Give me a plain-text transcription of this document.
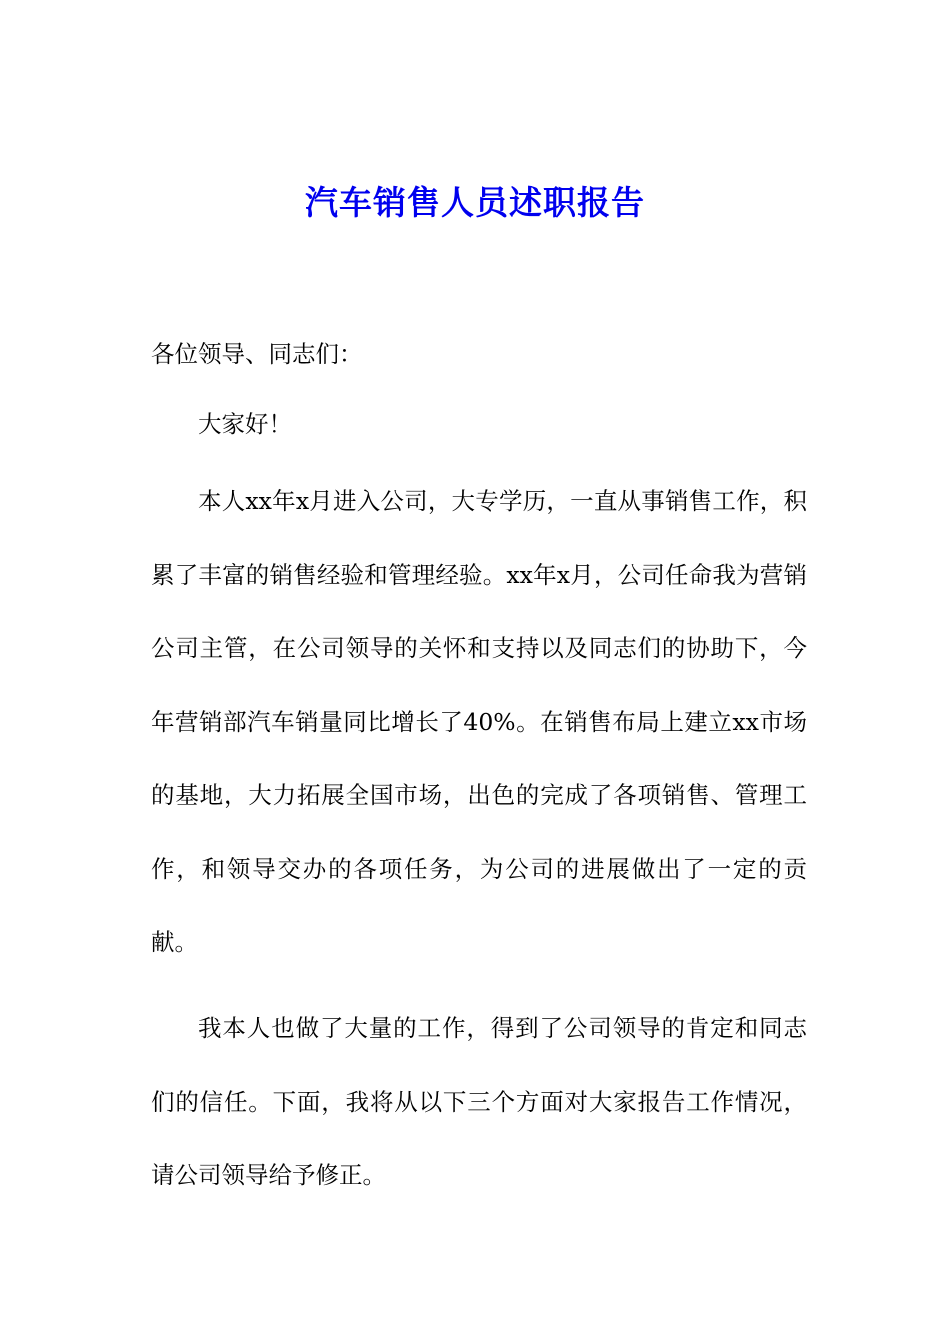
汽车销售人员述职报告

各位领导、同志们：

大家好！

本人xx年x月进入公司，大专学历，一直从事销售工作，积累了丰富的销售经验和管理经验。xx年x月，公司任命我为营销公司主管，在公司领导的关怀和支持以及同志们的协助下，今年营销部汽车销量同比增长了40%。在销售布局上建立xx市场的基地，大力拓展全国市场，出色的完成了各项销售、管理工作，和领导交办的各项任务，为公司的进展做出了一定的贡献。

我本人也做了大量的工作，得到了公司领导的肯定和同志们的信任。下面，我将从以下三个方面对大家报告工作情况，请公司领导给予修正。
